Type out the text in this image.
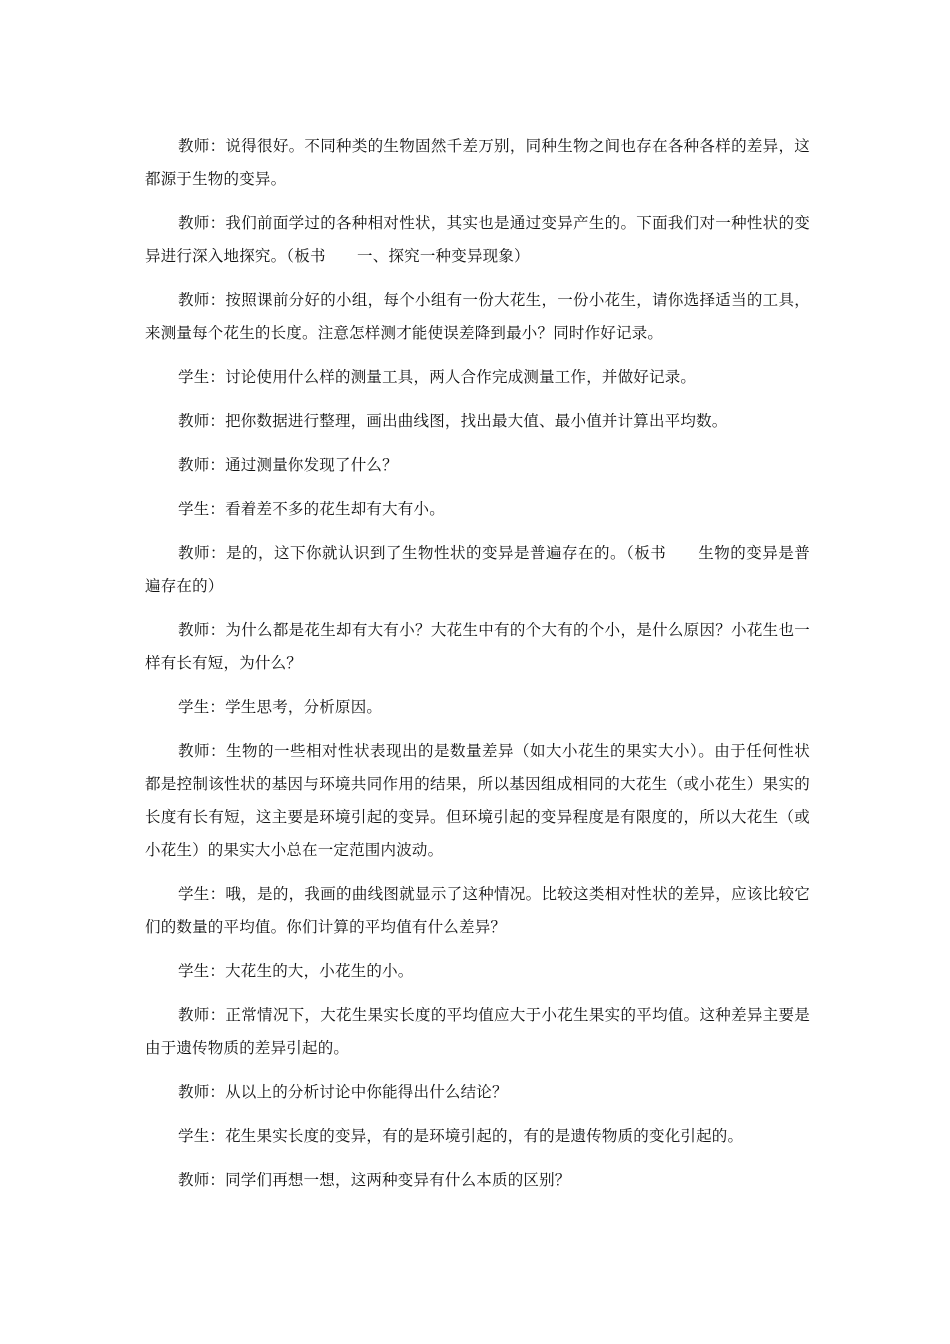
教师：说得很好。不同种类的生物固然千差万别，同种生物之间也存在各种各样的差异，这都源于生物的变异。

教师：我们前面学过的各种相对性状，其实也是通过变异产生的。下面我们对一种性状的变异进行深入地探究。（板书　　一、探究一种变异现象）

教师：按照课前分好的小组，每个小组有一份大花生，一份小花生，请你选择适当的工具，来测量每个花生的长度。注意怎样测才能使误差降到最小？同时作好记录。

学生：讨论使用什么样的测量工具，两人合作完成测量工作，并做好记录。

教师：把你数据进行整理，画出曲线图，找出最大值、最小值并计算出平均数。

教师：通过测量你发现了什么？

学生：看着差不多的花生却有大有小。

教师：是的，这下你就认识到了生物性状的变异是普遍存在的。（板书　　生物的变异是普遍存在的）

教师：为什么都是花生却有大有小？大花生中有的个大有的个小，是什么原因？小花生也一样有长有短，为什么？

学生：学生思考，分析原因。

教师：生物的一些相对性状表现出的是数量差异（如大小花生的果实大小）。由于任何性状都是控制该性状的基因与环境共同作用的结果，所以基因组成相同的大花生（或小花生）果实的长度有长有短，这主要是环境引起的变异。但环境引起的变异程度是有限度的，所以大花生（或小花生）的果实大小总在一定范围内波动。

学生：哦，是的，我画的曲线图就显示了这种情况。比较这类相对性状的差异，应该比较它们的数量的平均值。你们计算的平均值有什么差异？

学生：大花生的大，小花生的小。

教师：正常情况下，大花生果实长度的平均值应大于小花生果实的平均值。这种差异主要是由于遗传物质的差异引起的。

教师：从以上的分析讨论中你能得出什么结论？

学生：花生果实长度的变异，有的是环境引起的，有的是遗传物质的变化引起的。

教师：同学们再想一想，这两种变异有什么本质的区别？
